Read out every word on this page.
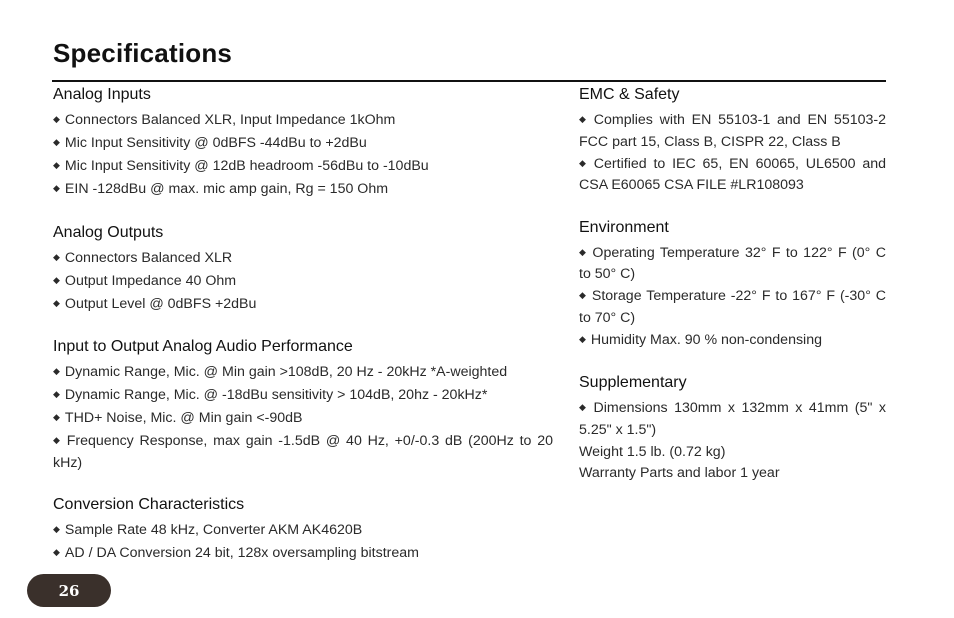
Specifications
Analog Inputs
◆ Connectors Balanced XLR, Input Impedance 1kOhm
◆ Mic Input Sensitivity @ 0dBFS -44dBu to +2dBu
◆ Mic Input Sensitivity @ 12dB headroom -56dBu to -10dBu
◆ EIN -128dBu @ max. mic amp gain, Rg = 150 Ohm
Analog Outputs
◆ Connectors Balanced XLR
◆ Output Impedance 40 Ohm
◆ Output Level @ 0dBFS +2dBu
Input to Output Analog Audio Performance
◆ Dynamic Range, Mic. @ Min gain >108dB, 20 Hz - 20kHz *A-weighted
◆ Dynamic Range, Mic. @ -18dBu sensitivity > 104dB, 20hz - 20kHz*
◆ THD+ Noise, Mic. @ Min gain <-90dB
◆ Frequency Response, max gain -1.5dB @ 40 Hz, +0/-0.3 dB (200Hz to 20 kHz)
Conversion Characteristics
◆ Sample Rate 48 kHz, Converter AKM AK4620B
◆ AD / DA Conversion 24 bit, 128x oversampling bitstream
EMC & Safety
◆ Complies with EN 55103-1 and EN 55103-2 FCC part 15, Class B, CISPR 22, Class B
◆ Certified to IEC 65, EN 60065, UL6500 and CSA E60065 CSA FILE #LR108093
Environment
◆ Operating Temperature 32° F to 122° F (0° C to 50° C)
◆ Storage Temperature -22° F to 167° F (-30° C to 70° C)
◆ Humidity Max. 90 % non-condensing
Supplementary
◆ Dimensions 130mm x 132mm x 41mm (5" x 5.25" x 1.5")
Weight 1.5 lb. (0.72 kg)
Warranty Parts and labor 1 year
26
